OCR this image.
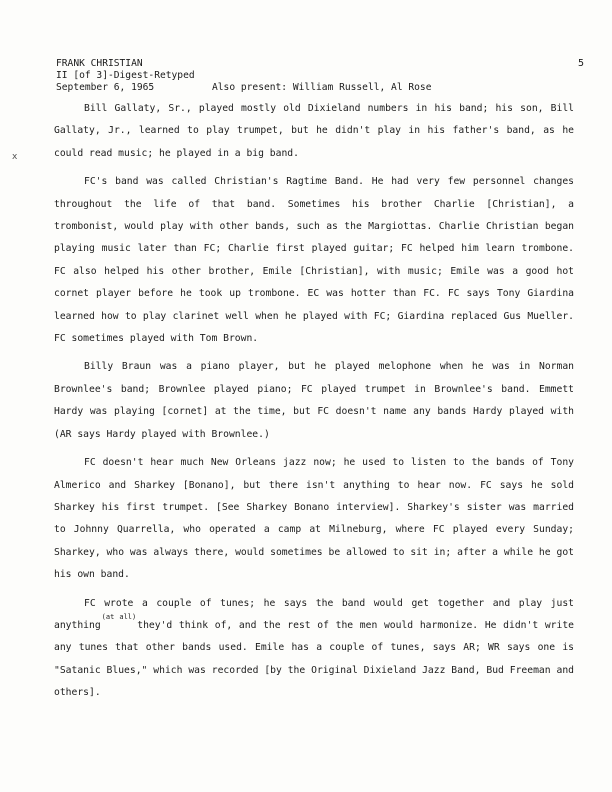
FRANK CHRISTIAN
II [of 3]-Digest-Retyped
September 6, 1965	Also present: William Russell, Al Rose
5
ⅹ

Bill Gallaty, Sr., played mostly old Dixieland numbers in his band; his son, Bill Gallaty, Jr., learned to play trumpet, but he didn't play in his father's band, as he could read music; he played in a big band.

FC's band was called Christian's Ragtime Band. He had very few personnel changes throughout the life of that band. Sometimes his brother Charlie [Christian], a trombonist, would play with other bands, such as the Margiottas. Charlie Christian began playing music later than FC; Charlie first played guitar; FC helped him learn trombone. FC also helped his other brother, Emile [Christian], with music; Emile was a good hot cornet player before he took up trombone. EC was hotter than FC. FC says Tony Giardina learned how to play clarinet well when he played with FC; Giardina replaced Gus Mueller. FC sometimes played with Tom Brown.

Billy Braun was a piano player, but he played melophone when he was in Norman Brownlee's band; Brownlee played piano; FC played trumpet in Brownlee's band. Emmett Hardy was playing [cornet] at the time, but FC doesn't name any bands Hardy played with (AR says Hardy played with Brownlee.)

FC doesn't hear much New Orleans jazz now; he used to listen to the bands of Tony Almerico and Sharkey [Bonano], but there isn't anything to hear now. FC says he sold Sharkey his first trumpet. [See Sharkey Bonano interview]. Sharkey's sister was married to Johnny Quarrella, who operated a camp at Milneburg, where FC played every Sunday; Sharkey, who was always there, would sometimes be allowed to sit in; after a while he got his own band.

FC wrote a couple of tunes; he says the band would get together and play just anything$^{(at all)}$they'd think of, and the rest of the men would harmonize. He didn't write any tunes that other bands used. Emile has a couple of tunes, says AR; WR says one is "Satanic Blues," which was recorded [by the Original Dixieland Jazz Band, Bud Freeman and others].
